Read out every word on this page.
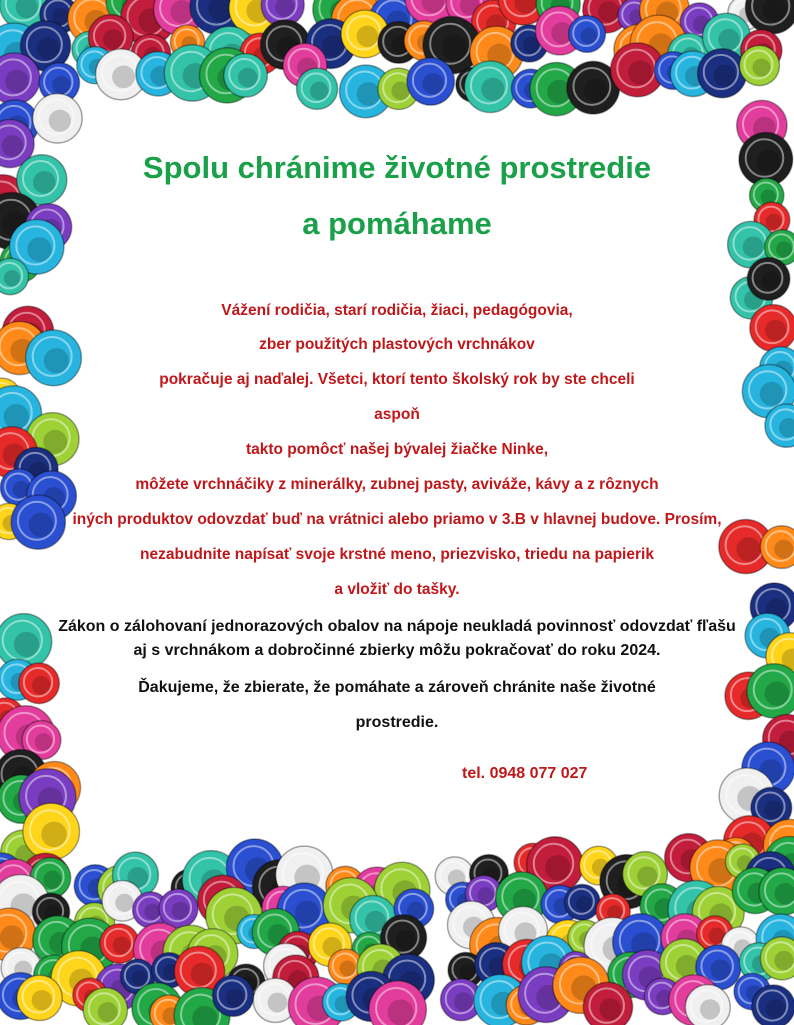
Spolu chránime životné prostredie
a pomáhame

Vážení rodičia, starí rodičia, žiaci, pedagógovia,

zber použitých plastových vrchnákov

pokračuje aj naďalej. Všetci, ktorí tento školský rok by ste chceli

aspoň

takto pomôcť našej bývalej žiačke Ninke,

môžete vrchnáčiky z minerálky, zubnej pasty, aviváže, kávy a z rôznych

iných produktov odovzdať buď na vrátnici alebo priamo v 3.B v hlavnej budove. Prosím,

nezabudnite napísať svoje krstné meno, priezvisko, triedu na papierik

a vložiť do tašky.

Zákon o zálohovaní jednorazových obalov na nápoje neukladá povinnosť odovzdať fľašu

aj s vrchnákom a dobročinné zbierky môžu pokračovať do roku 2024.

Ďakujeme, že zbierate, že pomáhate a zároveň chránite naše životné

prostredie.

tel. 0948 077 027
